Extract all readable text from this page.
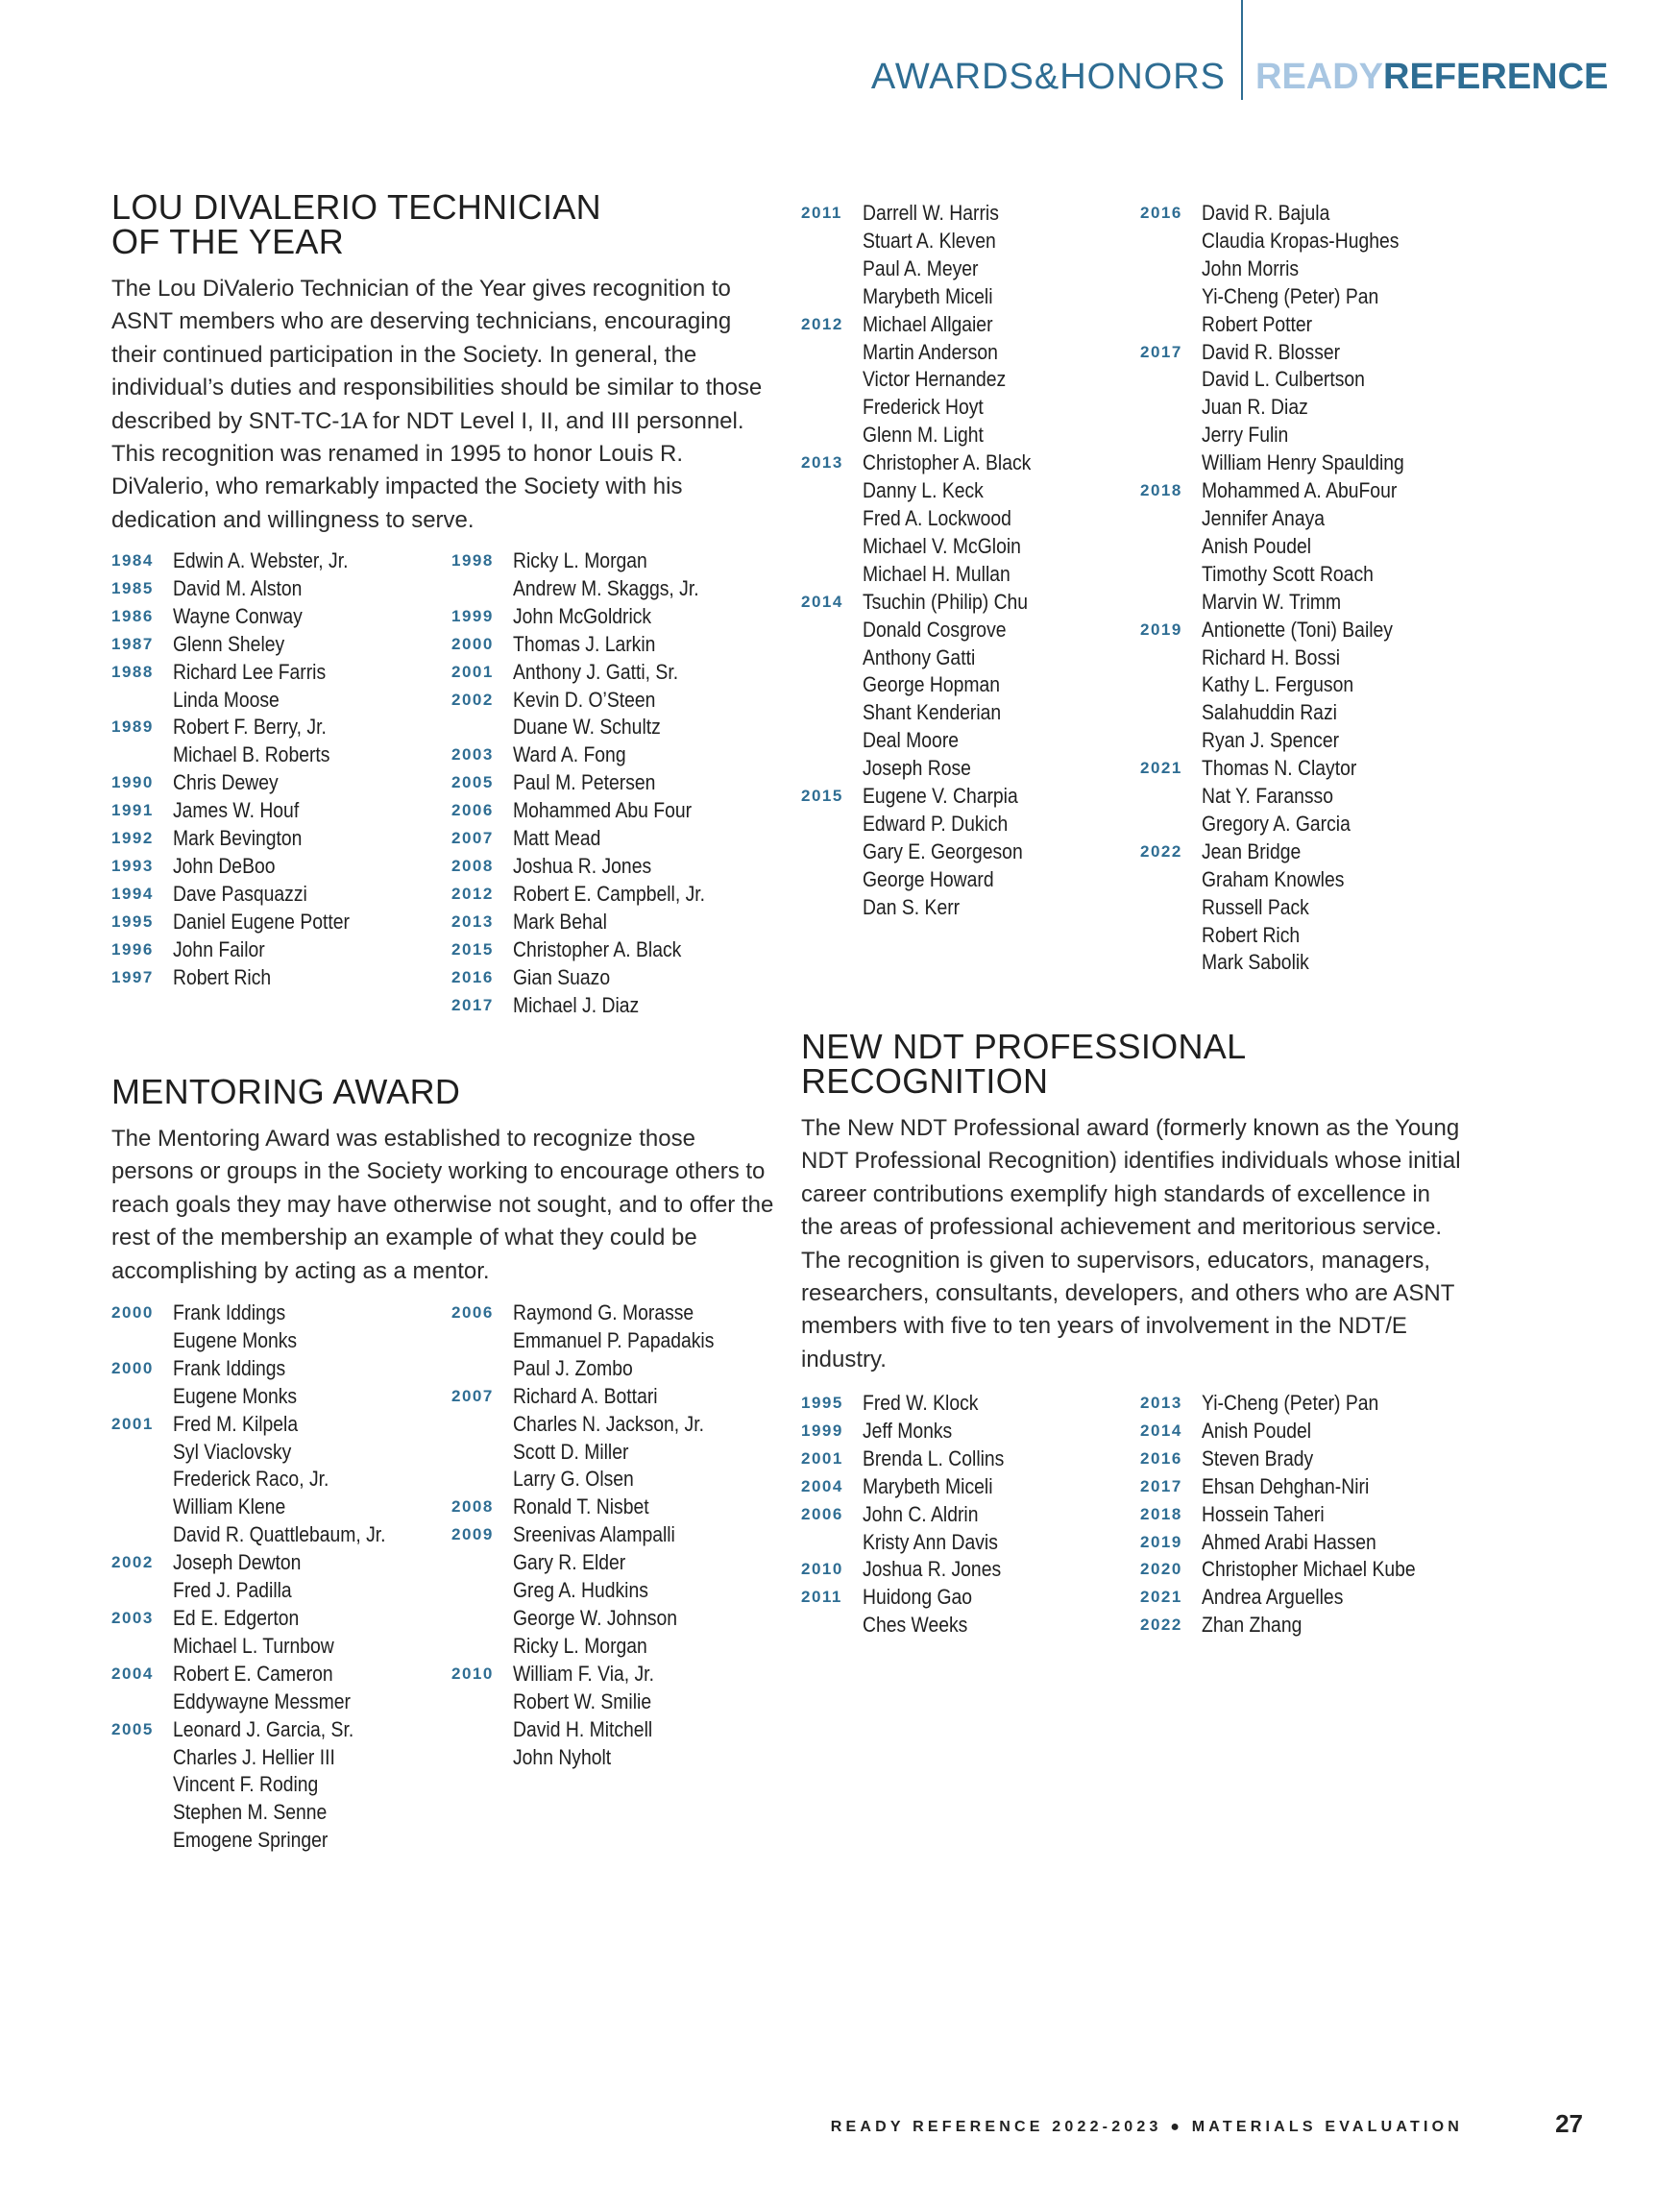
AWARDS&HONORS READYREFERENCE
LOU DIVALERIO TECHNICIAN
OF THE YEAR
The Lou DiValerio Technician of the Year gives recognition to ASNT members who are deserving technicians, encouraging their continued participation in the Society. In general, the individual’s duties and responsibilities should be similar to those described by SNT-TC-1A for NDT Level I, II, and III personnel. This recognition was renamed in 1995 to honor Louis R. DiValerio, who remarkably impacted the Society with his dedication and willingness to serve.
1984 Edwin A. Webster, Jr.
1985 David M. Alston
1986 Wayne Conway
1987 Glenn Sheley
1988 Richard Lee Farris
Linda Moose
1989 Robert F. Berry, Jr.
Michael B. Roberts
1990 Chris Dewey
1991 James W. Houf
1992 Mark Bevington
1993 John DeBoo
1994 Dave Pasquazzi
1995 Daniel Eugene Potter
1996 John Failor
1997 Robert Rich
1998 Ricky L. Morgan
Andrew M. Skaggs, Jr.
1999 John McGoldrick
2000 Thomas J. Larkin
2001 Anthony J. Gatti, Sr.
2002 Kevin D. O’Steen
Duane W. Schultz
2003 Ward A. Fong
2005 Paul M. Petersen
2006 Mohammed Abu Four
2007 Matt Mead
2008 Joshua R. Jones
2012 Robert E. Campbell, Jr.
2013 Mark Behal
2015 Christopher A. Black
2016 Gian Suazo
2017 Michael J. Diaz
2011 Darrell W. Harris
Stuart A. Kleven
Paul A. Meyer
Marybeth Miceli
2012 Michael Allgaier
Martin Anderson
Victor Hernandez
Frederick Hoyt
Glenn M. Light
2013 Christopher A. Black
Danny L. Keck
Fred A. Lockwood
Michael V. McGloin
Michael H. Mullan
2014 Tsuchin (Philip) Chu
Donald Cosgrove
Anthony Gatti
George Hopman
Shant Kenderian
Deal Moore
Joseph Rose
2015 Eugene V. Charpia
Edward P. Dukich
Gary E. Georgeson
George Howard
Dan S. Kerr
2016 David R. Bajula
Claudia Kropas-Hughes
John Morris
Yi-Cheng (Peter) Pan
Robert Potter
2017 David R. Blosser
David L. Culbertson
Juan R. Diaz
Jerry Fulin
William Henry Spaulding
2018 Mohammed A. AbuFour
Jennifer Anaya
Anish Poudel
Timothy Scott Roach
Marvin W. Trimm
2019 Antionette (Toni) Bailey
Richard H. Bossi
Kathy L. Ferguson
Salahuddin Razi
Ryan J. Spencer
2021 Thomas N. Claytor
Nat Y. Faransso
Gregory A. Garcia
2022 Jean Bridge
Graham Knowles
Russell Pack
Robert Rich
Mark Sabolik
MENTORING AWARD
The Mentoring Award was established to recognize those persons or groups in the Society working to encourage others to reach goals they may have otherwise not sought, and to offer the rest of the membership an example of what they could be accomplishing by acting as a mentor.
2000 Frank Iddings
Eugene Monks
2000 Frank Iddings
Eugene Monks
2001 Fred M. Kilpela
Syl Viaclovsky
Frederick Raco, Jr.
William Klene
David R. Quattlebaum, Jr.
2002 Joseph Dewton
Fred J. Padilla
2003 Ed E. Edgerton
Michael L. Turnbow
2004 Robert E. Cameron
Eddywayne Messmer
2005 Leonard J. Garcia, Sr.
Charles J. Hellier III
Vincent F. Roding
Stephen M. Senne
Emogene Springer
2006 Raymond G. Morasse
Emmanuel P. Papadakis
Paul J. Zombo
2007 Richard A. Bottari
Charles N. Jackson, Jr.
Scott D. Miller
Larry G. Olsen
2008 Ronald T. Nisbet
2009 Sreenivas Alampalli
Gary R. Elder
Greg A. Hudkins
George W. Johnson
Ricky L. Morgan
2010 William F. Via, Jr.
Robert W. Smilie
David H. Mitchell
John Nyholt
NEW NDT PROFESSIONAL
RECOGNITION
The New NDT Professional award (formerly known as the Young NDT Professional Recognition) identifies individuals whose initial career contributions exemplify high standards of excellence in the areas of professional achievement and meritorious service. The recognition is given to supervisors, educators, managers, researchers, consultants, developers, and others who are ASNT members with five to ten years of involvement in the NDT/E industry.
1995 Fred W. Klock
1999 Jeff Monks
2001 Brenda L. Collins
2004 Marybeth Miceli
2006 John C. Aldrin
Kristy Ann Davis
2010 Joshua R. Jones
2011 Huidong Gao
Ches Weeks
2013 Yi-Cheng (Peter) Pan
2014 Anish Poudel
2016 Steven Brady
2017 Ehsan Dehghan-Niri
2018 Hossein Taheri
2019 Ahmed Arabi Hassen
2020 Christopher Michael Kube
2021 Andrea Arguelles
2022 Zhan Zhang
READY REFERENCE 2022-2023 ● MATERIALS EVALUATION	27
